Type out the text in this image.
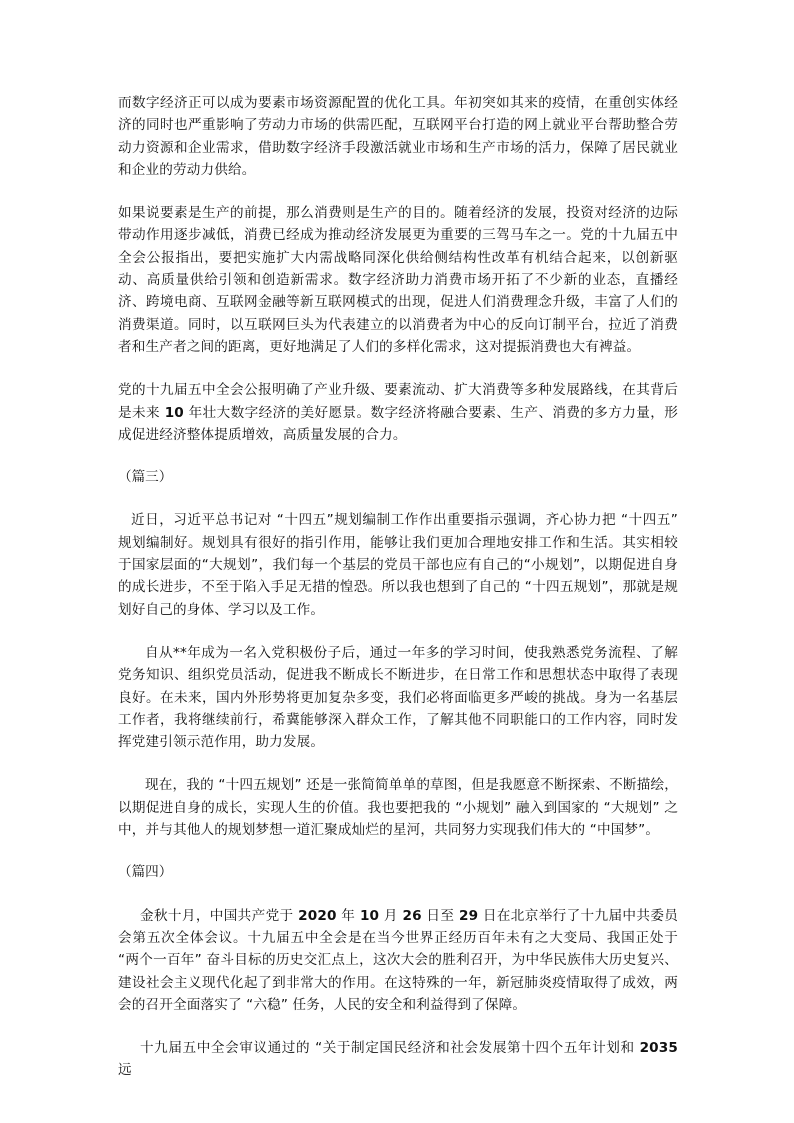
而数字经济正可以成为要素市场资源配置的优化工具。年初突如其来的疫情，在重创实体经济的同时也严重影响了劳动力市场的供需匹配，互联网平台打造的网上就业平台帮助整合劳动力资源和企业需求，借助数字经济手段激活就业市场和生产市场的活力，保障了居民就业和企业的劳动力供给。

如果说要素是生产的前提，那么消费则是生产的目的。随着经济的发展，投资对经济的边际带动作用逐步减低，消费已经成为推动经济发展更为重要的三驾马车之一。党的十九届五中全会公报指出，要把实施扩大内需战略同深化供给侧结构性改革有机结合起来，以创新驱动、高质量供给引领和创造新需求。数字经济助力消费市场开拓了不少新的业态，直播经济、跨境电商、互联网金融等新互联网模式的出现，促进人们消费理念升级，丰富了人们的消费渠道。同时，以互联网巨头为代表建立的以消费者为中心的反向订制平台，拉近了消费者和生产者之间的距离，更好地满足了人们的多样化需求，这对提振消费也大有裨益。

党的十九届五中全会公报明确了产业升级、要素流动、扩大消费等多种发展路线，在其背后是未来 10 年壮大数字经济的美好愿景。数字经济将融合要素、生产、消费的多方力量，形成促进经济整体提质增效，高质量发展的合力。

（篇三）

近日，习近平总书记对 “十四五”规划编制工作作出重要指示强调，齐心协力把 “十四五” 规划编制好。规划具有很好的指引作用，能够让我们更加合理地安排工作和生活。其实相较于国家层面的“大规划”，我们每一个基层的党员干部也应有自己的“小规划”，以期促进自身的成长进步，不至于陷入手足无措的惶恐。所以我也想到了自己的 “十四五规划”，那就是规划好自己的身体、学习以及工作。

自从**年成为一名入党积极份子后，通过一年多的学习时间，使我熟悉党务流程、了解党务知识、组织党员活动，促进我不断成长不断进步，在日常工作和思想状态中取得了表现良好。在未来，国内外形势将更加复杂多变，我们必将面临更多严峻的挑战。身为一名基层工作者，我将继续前行，希冀能够深入群众工作，了解其他不同职能口的工作内容，同时发挥党建引领示范作用，助力发展。

现在，我的 “十四五规划” 还是一张简简单单的草图，但是我愿意不断探索、不断描绘，以期促进自身的成长，实现人生的价值。我也要把我的 “小规划” 融入到国家的 “大规划” 之中，并与其他人的规划梦想一道汇聚成灿烂的星河，共同努力实现我们伟大的 “中国梦”。

（篇四）

金秋十月，中国共产党于 2020 年 10 月 26 日至 29 日在北京举行了十九届中共委员会第五次全体会议。十九届五中全会是在当今世界正经历百年未有之大变局、我国正处于 “两个一百年” 奋斗目标的历史交汇点上，这次大会的胜利召开，为中华民族伟大历史复兴、建设社会主义现代化起了到非常大的作用。在这特殊的一年，新冠肺炎疫情取得了成效，两会的召开全面落实了 “六稳” 任务，人民的安全和利益得到了保障。

十九届五中全会审议通过的 “关于制定国民经济和社会发展第十四个五年计划和 2035 远
